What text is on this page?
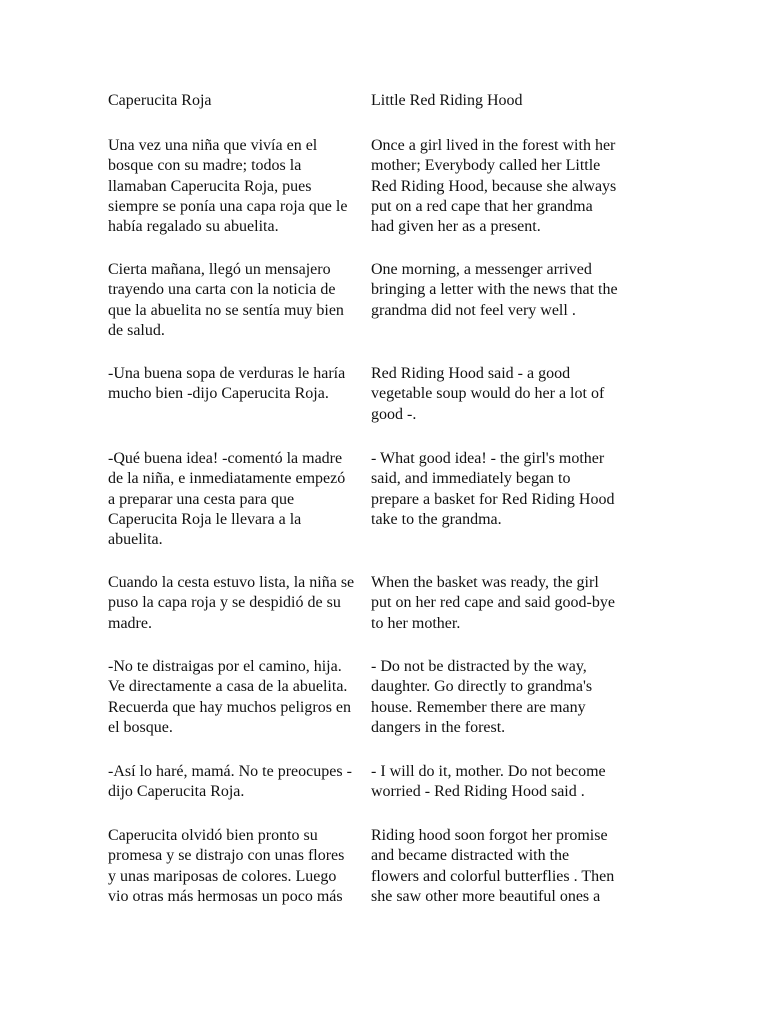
Caperucita Roja	Little Red Riding Hood
Una vez una niña que vivía en el
bosque con su madre; todos la
llamaban Caperucita Roja, pues
siempre se ponía una capa roja que le
había regalado su abuelita.
Once a girl lived in the forest with her
mother; Everybody called her Little
Red Riding Hood, because she always
put on a red cape that her grandma
had given her as a present.
Cierta mañana, llegó un mensajero
trayendo una carta con la noticia de
que la abuelita no se sentía muy bien
de salud.
One morning, a messenger arrived
bringing a letter with the news that the
grandma did not feel very well .
-Una buena sopa de verduras le haría
mucho bien -dijo Caperucita Roja.
Red Riding Hood said - a good
vegetable soup would do her a lot of
good -.
-Qué buena idea! -comentó la madre
de la niña, e inmediatamente empezó
a preparar una cesta para que
Caperucita Roja le llevara a la
abuelita.
- What good idea! - the girl's mother
said, and immediately began to
prepare a basket for Red Riding Hood
take to the grandma.
Cuando la cesta estuvo lista, la niña se
puso la capa roja y se despidió de su
madre.
When the basket was ready, the girl
put on her red cape and said good-bye
to her mother.
-No te distraigas por el camino, hija.
Ve directamente a casa de la abuelita.
Recuerda que hay muchos peligros en
el bosque.
- Do not be distracted by the way,
daughter. Go directly to grandma's
house. Remember there are many
dangers in the forest.
-Así lo haré, mamá. No te preocupes -
dijo Caperucita Roja.
- I will do it, mother. Do not become
worried - Red Riding Hood said .
Caperucita olvidó bien pronto su
promesa y se distrajo con unas flores
y unas mariposas de colores. Luego
vio otras más hermosas un poco más
Riding hood soon forgot her promise
and became distracted with the
flowers and colorful butterflies . Then
she saw other more beautiful ones a
